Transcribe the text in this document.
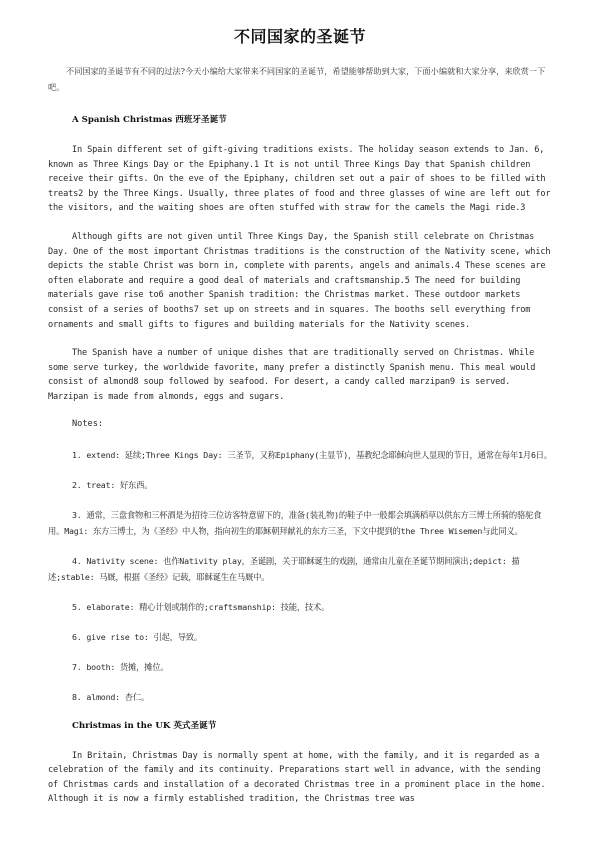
不同国家的圣诞节

不同国家的圣诞节有不同的过法?今天小编给大家带来不同国家的圣诞节，希望能够帮助到大家，下面小编就和大家分享，来欣赏一下吧。

A Spanish Christmas 西班牙圣诞节

In Spain different set of gift-giving traditions exists. The holiday season extends to Jan. 6, known as Three Kings Day or the Epiphany.1 It is not until Three Kings Day that Spanish children receive their gifts. On the eve of the Epiphany, children set out a pair of shoes to be filled with treats2 by the Three Kings. Usually, three plates of food and three glasses of wine are left out for the visitors, and the waiting shoes are often stuffed with straw for the camels the Magi ride.3

Although gifts are not given until Three Kings Day, the Spanish still celebrate on Christmas Day. One of the most important Christmas traditions is the construction of the Nativity scene, which depicts the stable Christ was born in, complete with parents, angels and animals.4 These scenes are often elaborate and require a good deal of materials and craftsmanship.5 The need for building materials gave rise to6 another Spanish tradition: the Christmas market. These outdoor markets consist of a series of booths7 set up on streets and in squares. The booths sell everything from ornaments and small gifts to figures and building materials for the Nativity scenes.

The Spanish have a number of unique dishes that are traditionally served on Christmas. While some serve turkey, the worldwide favorite, many prefer a distinctly Spanish menu. This meal would consist of almond8 soup followed by seafood. For desert, a candy called marzipan9 is served. Marzipan is made from almonds, eggs and sugars.

Notes:

1. extend: 延续;Three Kings Day: 三圣节，又称Epiphany(主显节)，基教纪念耶稣向世人显现的节日，通常在每年1月6日。

2. treat: 好东西。

3. 通常，三盘食物和三杯酒是为招待三位访客特意留下的，准备(装礼物)的鞋子中一般都会填满稻草以供东方三博士所骑的骆驼食用。Magi: 东方三博士，为《圣经》中人物，指向初生的耶稣朝拜献礼的东方三圣，下文中提到的the Three Wisemen与此同义。

4. Nativity scene: 也作Nativity play，圣诞剧，关于耶稣诞生的戏剧，通常由儿童在圣诞节期间演出;depict: 描述;stable: 马厩，根据《圣经》记载，耶稣诞生在马厩中。

5. elaborate: 精心计划或制作的;craftsmanship: 技能，技术。

6. give rise to: 引起，导致。

7. booth: 货摊，摊位。

8. almond: 杏仁。

Christmas in the UK 英式圣诞节

In Britain, Christmas Day is normally spent at home, with the family, and it is regarded as a celebration of the family and its continuity. Preparations start well in advance, with the sending of Christmas cards and installation of a decorated Christmas tree in a prominent place in the home. Although it is now a firmly established tradition, the Christmas tree was
